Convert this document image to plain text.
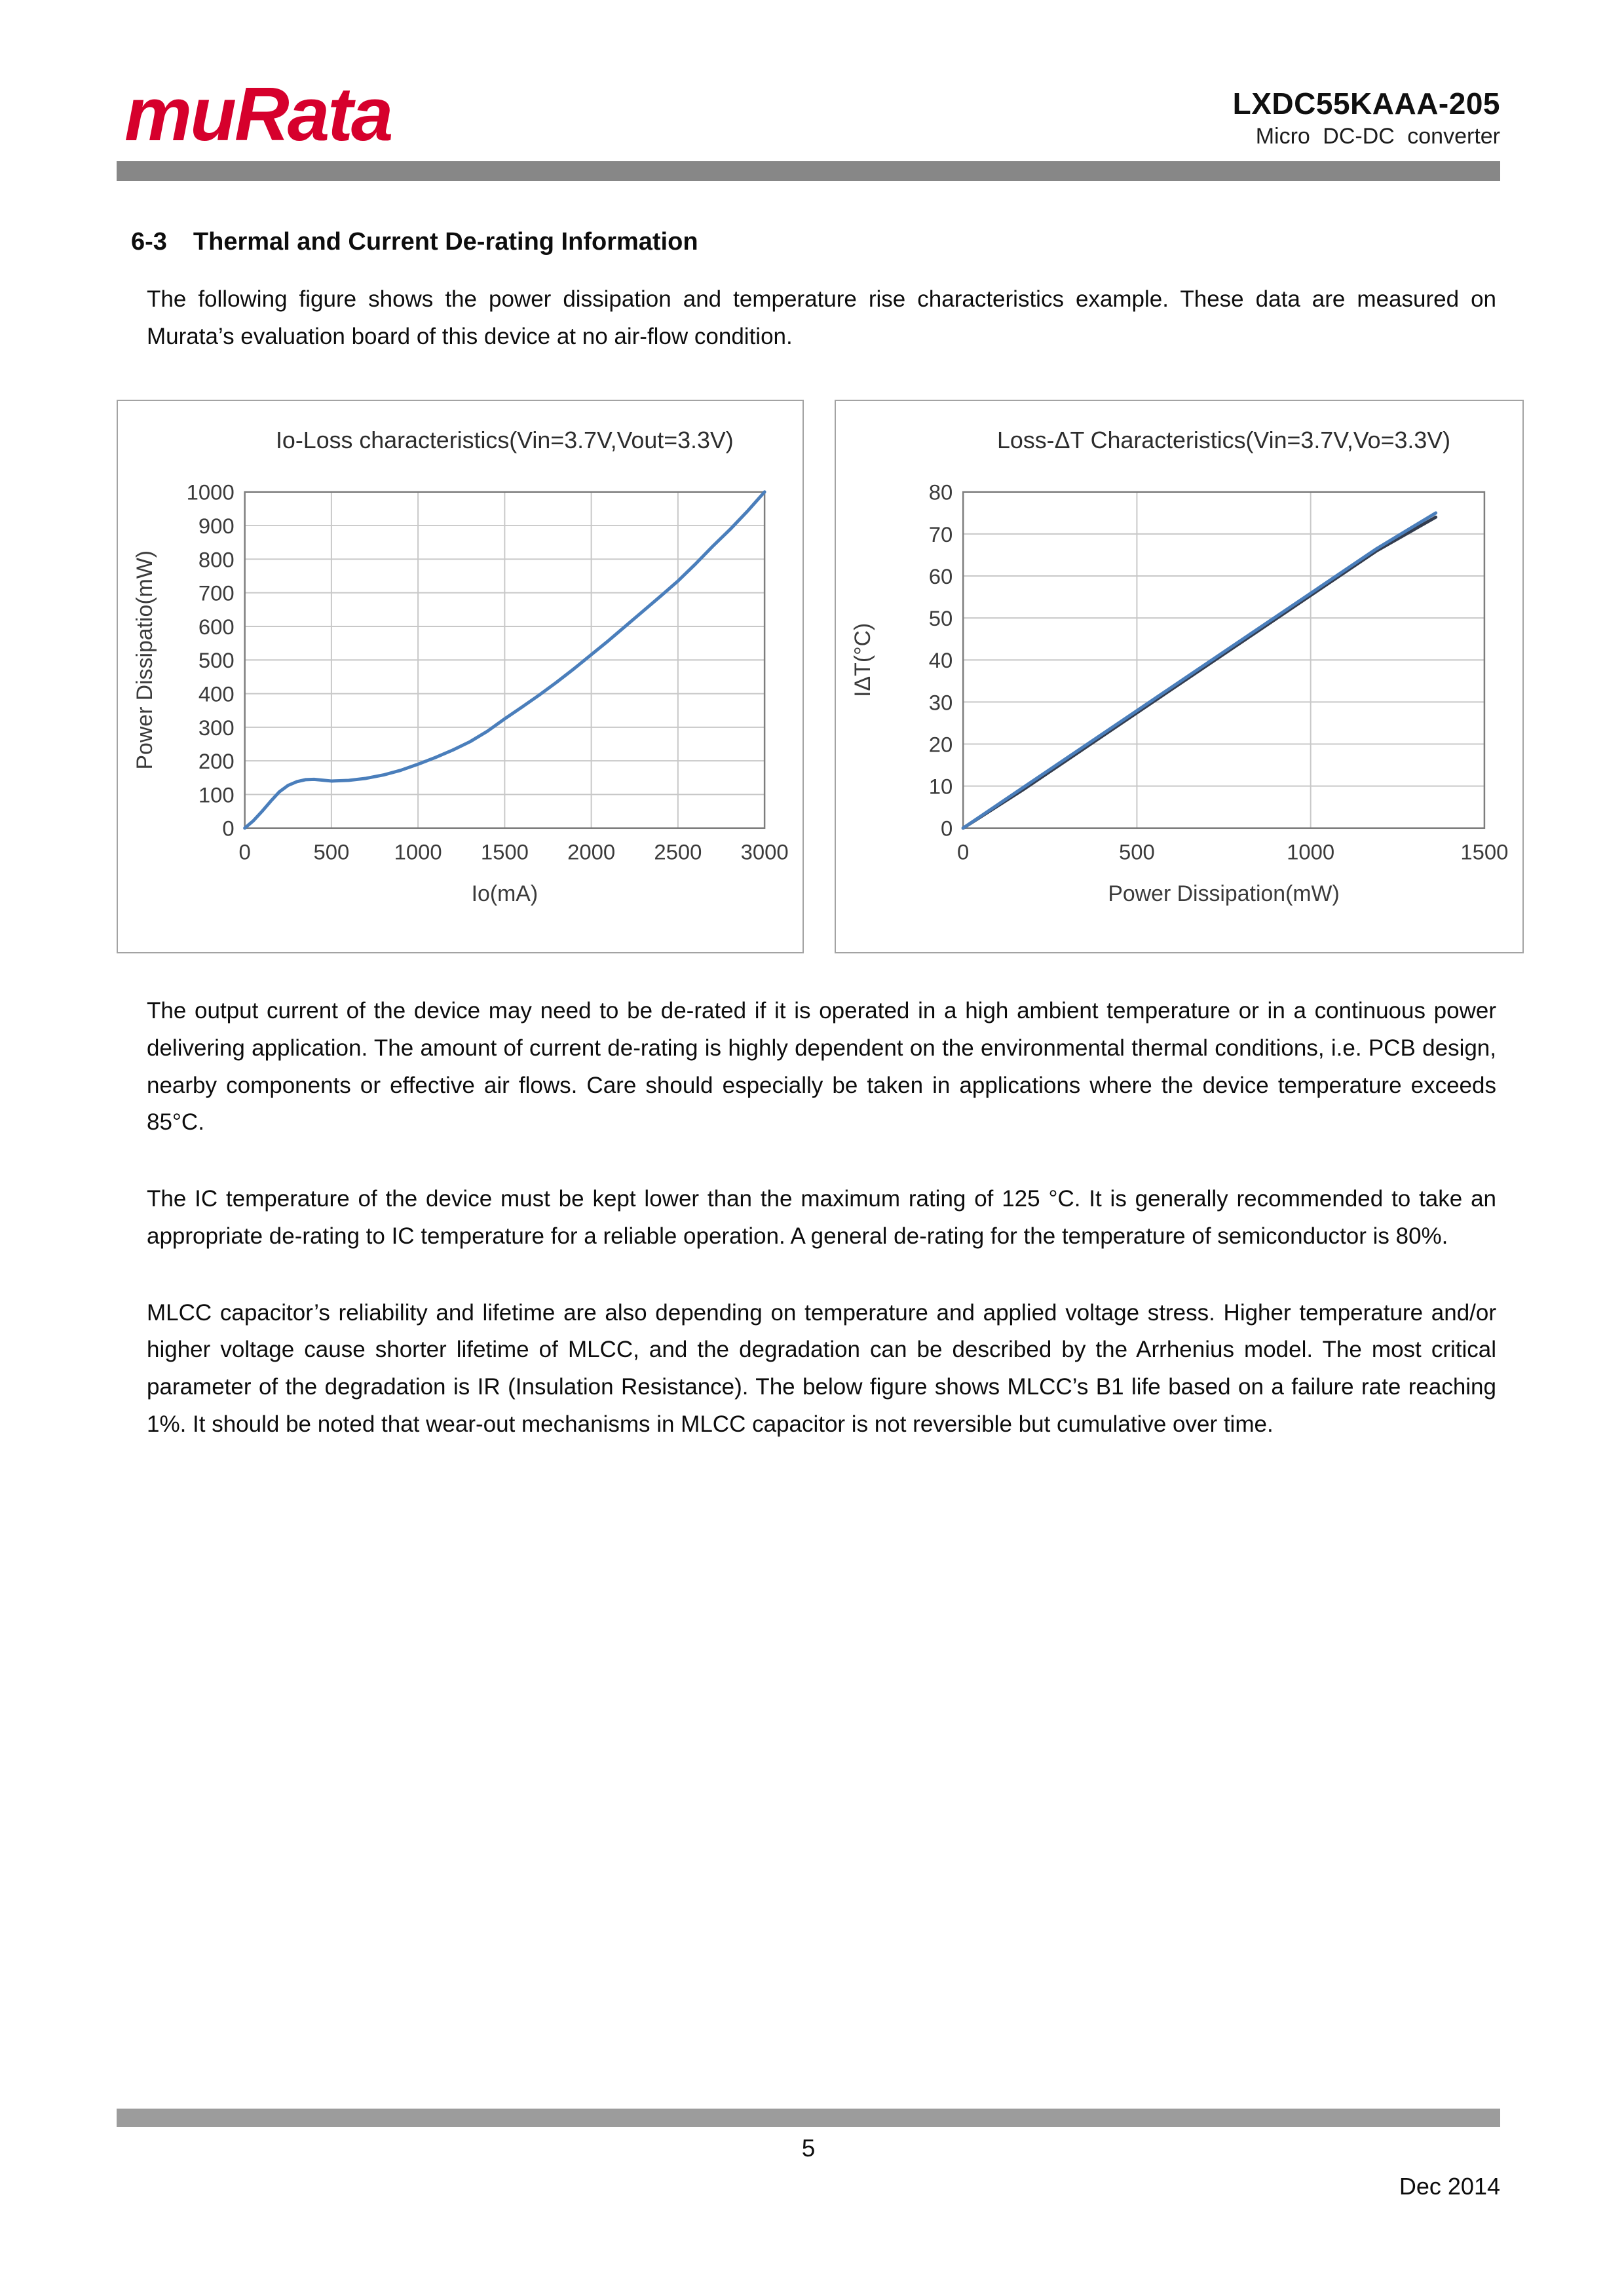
muRata	LXDC55KAAA-205
Micro DC-DC converter
6-3 Thermal and Current De-rating Information

The following figure shows the power dissipation and temperature rise characteristics example. These data are measured on Murata’s evaluation board of this device at no air-flow condition.

0	500 1000 1500 2000 2500 3000
0
100
200
300
400
500
600
700
800
900
1000
Io-Loss characteristics(Vin=3.7V,Vout=3.3V)
Io(mA)
Power Dissipatio(mW)
0	500	1000	1500
0
10
20
30
40
50
60
70
80
Loss-ΔT Characteristics(Vin=3.7V,Vo=3.3V)
Power Dissipation(mW)
IΔT(°C)

The output current of the device may need to be de-rated if it is operated in a high ambient temperature or in a continuous power delivering application. The amount of current de-rating is highly dependent on the environmental thermal conditions, i.e. PCB design, nearby components or effective air flows. Care should especially be taken in applications where the device temperature exceeds 85°C.

The IC temperature of the device must be kept lower than the maximum rating of 125 °C. It is generally recommended to take an appropriate de-rating to IC temperature for a reliable operation. A general de-rating for the temperature of semiconductor is 80%.

MLCC capacitor’s reliability and lifetime are also depending on temperature and applied voltage stress. Higher temperature and/or higher voltage cause shorter lifetime of MLCC, and the degradation can be described by the Arrhenius model. The most critical parameter of the degradation is IR (Insulation Resistance). The below figure shows MLCC’s B1 life based on a failure rate reaching 1%. It should be noted that wear-out mechanisms in MLCC capacitor is not reversible but cumulative over time.

5
Dec 2014
